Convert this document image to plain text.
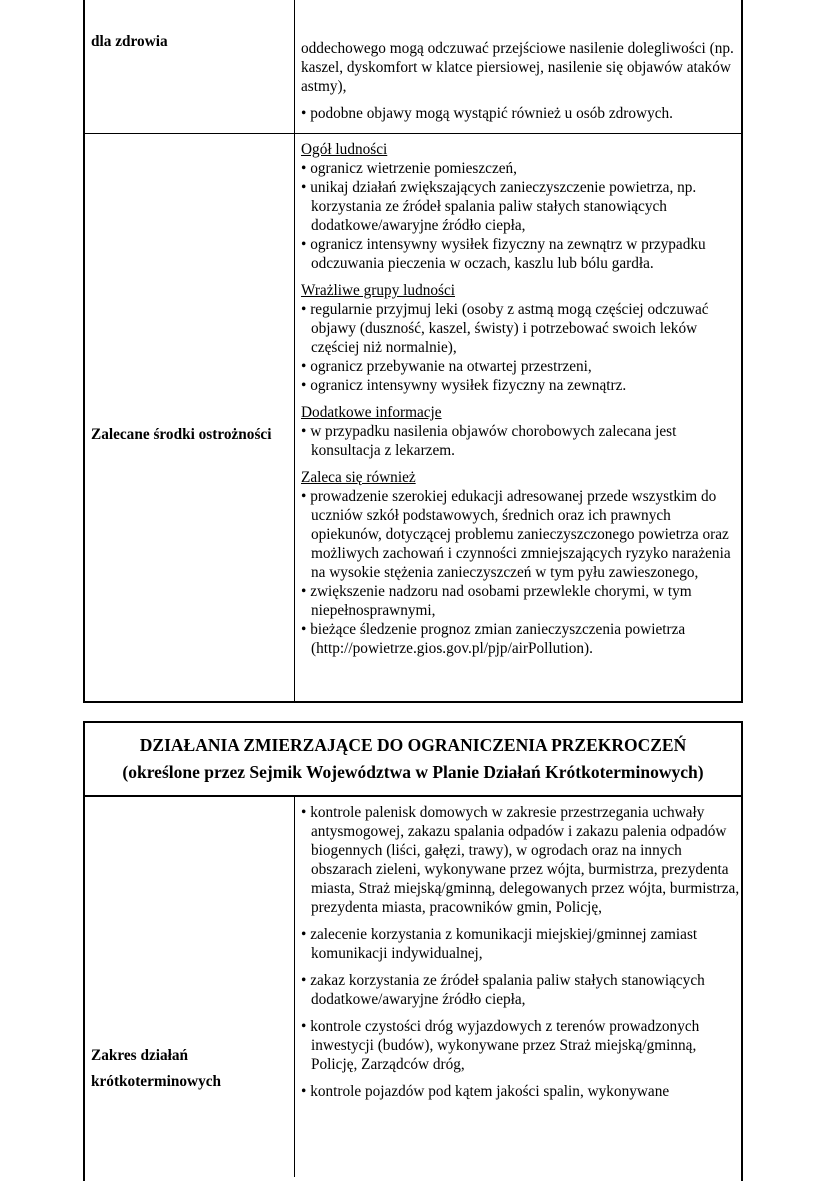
dla zdrowia	oddechowego mogą odczuwać przejściowe nasilenie dolegliwości (np. kaszel, dyskomfort w klatce piersiowej, nasilenie się objawów ataków astmy),

• podobne objawy mogą wystąpić również u osób zdrowych.
Zalecane środki ostrożności

Ogół ludności

• ogranicz wietrzenie pomieszczeń,
• unikaj działań zwiększających zanieczyszczenie powietrza, np. korzystania ze źródeł spalania paliw stałych stanowiących dodatkowe/awaryjne źródło ciepła,
• ogranicz intensywny wysiłek fizyczny na zewnątrz w przypadku odczuwania pieczenia w oczach, kaszlu lub bólu gardła.

Wrażliwe grupy ludności

• regularnie przyjmuj leki (osoby z astmą mogą częściej odczuwać objawy (duszność, kaszel, świsty) i potrzebować swoich leków częściej niż normalnie),
• ogranicz przebywanie na otwartej przestrzeni,
• ogranicz intensywny wysiłek fizyczny na zewnątrz.

Dodatkowe informacje

• w przypadku nasilenia objawów chorobowych zalecana jest konsultacja z lekarzem.

Zaleca się również

• prowadzenie szerokiej edukacji adresowanej przede wszystkim do uczniów szkół podstawowych, średnich oraz ich prawnych opiekunów, dotyczącej problemu zanieczyszczonego powietrza oraz możliwych zachowań i czynności zmniejszających ryzyko narażenia na wysokie stężenia zanieczyszczeń w tym pyłu zawieszonego,
• zwiększenie nadzoru nad osobami przewlekle chorymi, w tym niepełnosprawnymi,
• bieżące śledzenie prognoz zmian zanieczyszczenia powietrza (http://powietrze.gios.gov.pl/pjp/airPollution).
DZIAŁANIA ZMIERZAJĄCE DO OGRANICZENIA PRZEKROCZEŃ
(określone przez Sejmik Województwa w Planie Działań Krótkoterminowych)
Zakres działań
krótkoterminowych
• kontrole palenisk domowych w zakresie przestrzegania uchwały antysmogowej, zakazu spalania odpadów i zakazu palenia odpadów biogennych (liści, gałęzi, trawy), w ogrodach oraz na innych obszarach zieleni, wykonywane przez wójta, burmistrza, prezydenta miasta, Straż miejską/gminną, delegowanych przez wójta, burmistrza, prezydenta miasta, pracowników gmin, Policję,
• zalecenie korzystania z komunikacji miejskiej/gminnej zamiast komunikacji indywidualnej,
• zakaz korzystania ze źródeł spalania paliw stałych stanowiących dodatkowe/awaryjne źródło ciepła,
• kontrole czystości dróg wyjazdowych z terenów prowadzonych inwestycji (budów), wykonywane przez Straż miejską/gminną, Policję, Zarządców dróg,
• kontrole pojazdów pod kątem jakości spalin, wykonywane
